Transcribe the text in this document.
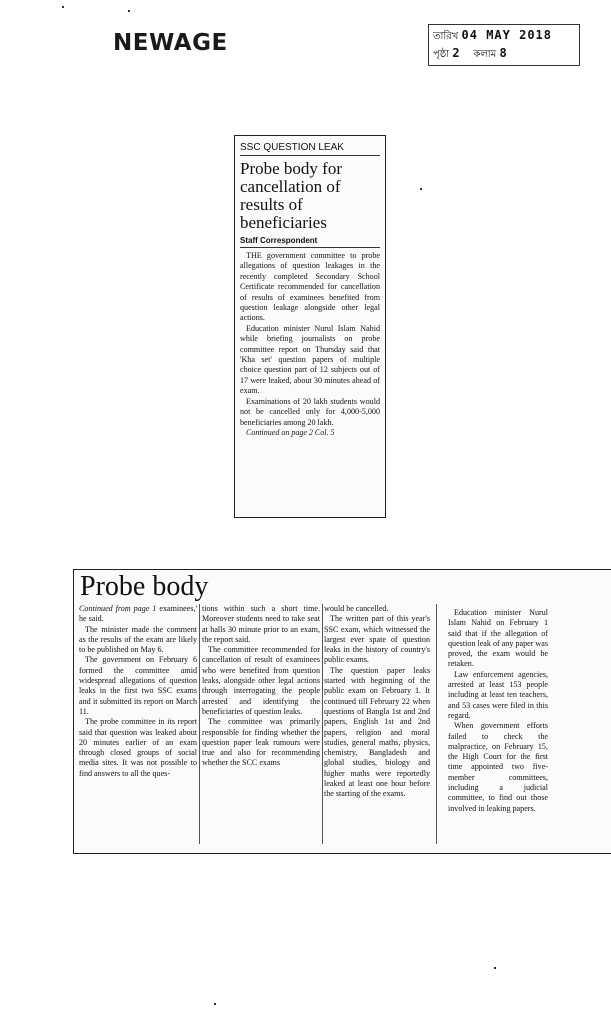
NEWAGE	তারিখ 04 MAY 2018
পৃষ্ঠা 2 কলাম 8
SSC QUESTION LEAK
Probe body for cancellation of results of beneficiaries
Staff Correspondent

THE government committee to probe allegations of question leakages in the recently completed Secondary School Certificate recommended for cancellation of results of examinees benefited from question leakage alongside other legal actions.

Education minister Nurul Islam Nahid while briefing journalists on probe committee report on Thursday said that 'Kha set' question papers of multiple choice question part of 12 subjects out of 17 were leaked, about 30 minutes ahead of exam.

Examinations of 20 lakh students would not be cancelled only for 4,000-5,000 beneficiaries among 20 lakh.

Continued on page 2 Col. 5

Probe body

Continued from page 1 examinees,' he said.

The minister made the comment as the results of the exam are likely to be published on May 6.

The government on February 6 formed the committee amid widespread allegations of question leaks in the first two SSC exams and it submitted its report on March 11.

The probe committee in its report said that question was leaked about 20 minutes earlier of an exam through closed groups of social media sites. It was not possible to find answers to all the ques-

tions within such a short time. Moreover students need to take seat at halls 30 minute prior to an exam, the report said.

The committee recommended for cancellation of result of examinees who were benefited from question leaks, alongside other legal actions through interrogating the people arrested and identifying the beneficiaries of question leaks.

The committee was primarily responsible for finding whether the question paper leak rumours were true and also for recommending whether the SCC exams

would be cancelled.

The written part of this year's SSC exam, which witnessed the largest ever spate of question leaks in the history of country's public exams.

The question paper leaks started with beginning of the public exam on February 1. It continued till February 22 when questions of Bangla 1st and 2nd papers, English 1st and 2nd papers, religion and moral studies, general maths, physics, chemistry, Bangladesh and global studies, biology and higher maths were reportedly leaked at least one hour before the starting of the exams.

Education minister Nurul Islam Nahid on February 1 said that if the allegation of question leak of any paper was proved, the exam would be retaken.

Law enforcement agencies, arrested at least 153 people including at least ten teachers, and 53 cases were filed in this regard.

When government efforts failed to check the malpractice, on February 15, the High Court for the first time appointed two five-member committees, including a judicial committee, to find out those involved in leaking papers.
